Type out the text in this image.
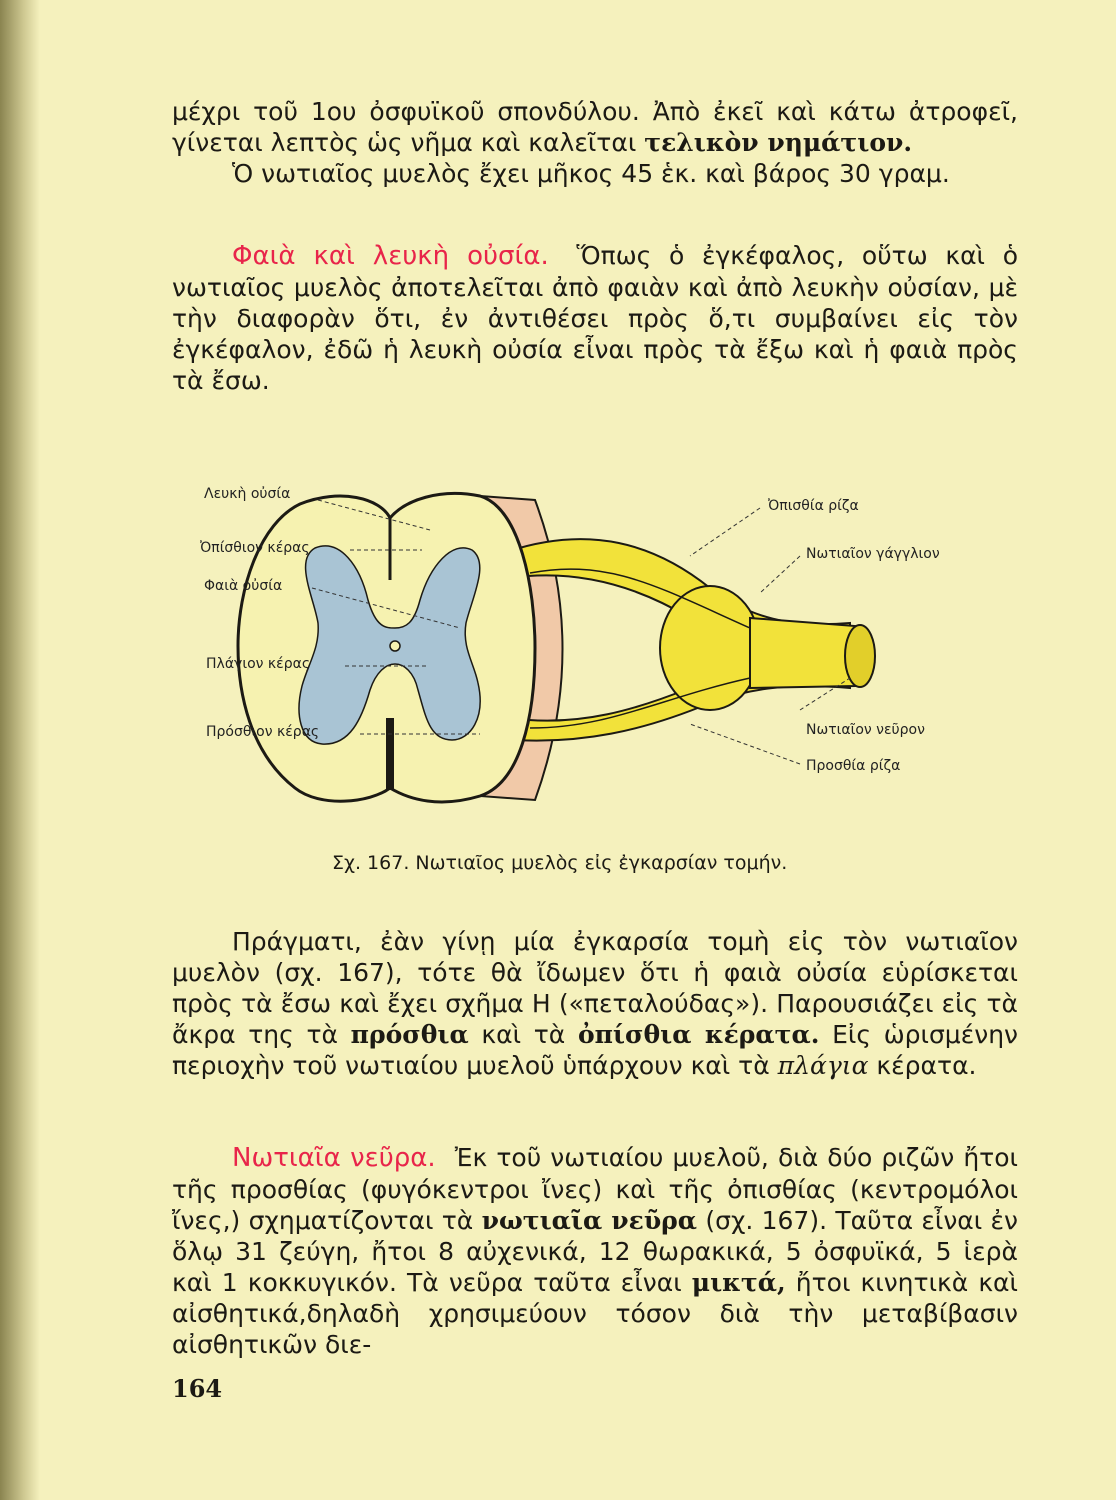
μέχρι τοῦ 1ου ὀσφυϊκοῦ σπονδύλου. Ἀπὸ ἐκεῖ καὶ κάτω ἀτροφεῖ, γίνεται λεπτὸς ὡς νῆμα καὶ καλεῖται τελικὸν νημάτιον.

Ὁ νωτιαῖος μυελὸς ἔχει μῆκος 45 ἑκ. καὶ βάρος 30 γραμ.

Φαιὰ καὶ λευκὴ οὐσία. Ὅπως ὁ ἐγκέφαλος, οὕτω καὶ ὁ νωτιαῖος μυελὸς ἀποτελεῖται ἀπὸ φαιὰν καὶ ἀπὸ λευκὴν οὐσίαν, μὲ τὴν διαφορὰν ὅτι, ἐν ἀντιθέσει πρὸς ὅ,τι συμβαίνει εἰς τὸν ἐγκέφαλον, ἐδῶ ἡ λευκὴ οὐσία εἶναι πρὸς τὰ ἔξω καὶ ἡ φαιὰ πρὸς τὰ ἔσω.

Λευκὴ οὐσία
Ὀπίσθιον κέρας
Φαιὰ οὐσία
Πλάγιον κέρας
Πρόσθιον κέρας
Ὀπισθία ρίζα
Νωτιαῖον γάγγλιον
Νωτιαῖον νεῦρον
Προσθία ρίζα
Σχ. 167. Νωτιαῖος μυελὸς εἰς ἐγκαρσίαν τομήν.

Πράγματι, ἐὰν γίνῃ μία ἐγκαρσία τομὴ εἰς τὸν νωτιαῖον μυελὸν (σχ. 167), τότε θὰ ἴδωμεν ὅτι ἡ φαιὰ οὐσία εὑρίσκεται πρὸς τὰ ἔσω καὶ ἔχει σχῆμα Η («πεταλούδας»). Παρουσιάζει εἰς τὰ ἄκρα της τὰ πρόσθια καὶ τὰ ὀπίσθια κέρατα. Εἰς ὡρισμένην περιοχὴν τοῦ νωτιαίου μυελοῦ ὑπάρχουν καὶ τὰ πλάγια κέρατα.

Νωτιαῖα νεῦρα. Ἐκ τοῦ νωτιαίου μυελοῦ, διὰ δύο ριζῶν ἤτοι τῆς προσθίας (φυγόκεντροι ἴνες) καὶ τῆς ὀπισθίας (κεντρομόλοι ἴνες,) σχηματίζονται τὰ νωτιαῖα νεῦρα (σχ. 167). Ταῦτα εἶναι ἐν ὅλῳ 31 ζεύγη, ἤτοι 8 αὐχενικά, 12 θωρακικά, 5 ὀσφυϊκά, 5 ἱερὰ καὶ 1 κοκκυγικόν. Τὰ νεῦρα ταῦτα εἶναι μικτά, ἤτοι κινητικὰ καὶ αἰσθητικά,δηλαδὴ χρησιμεύουν τόσον διὰ τὴν μεταβίβασιν αἰσθητικῶν διε-

164
